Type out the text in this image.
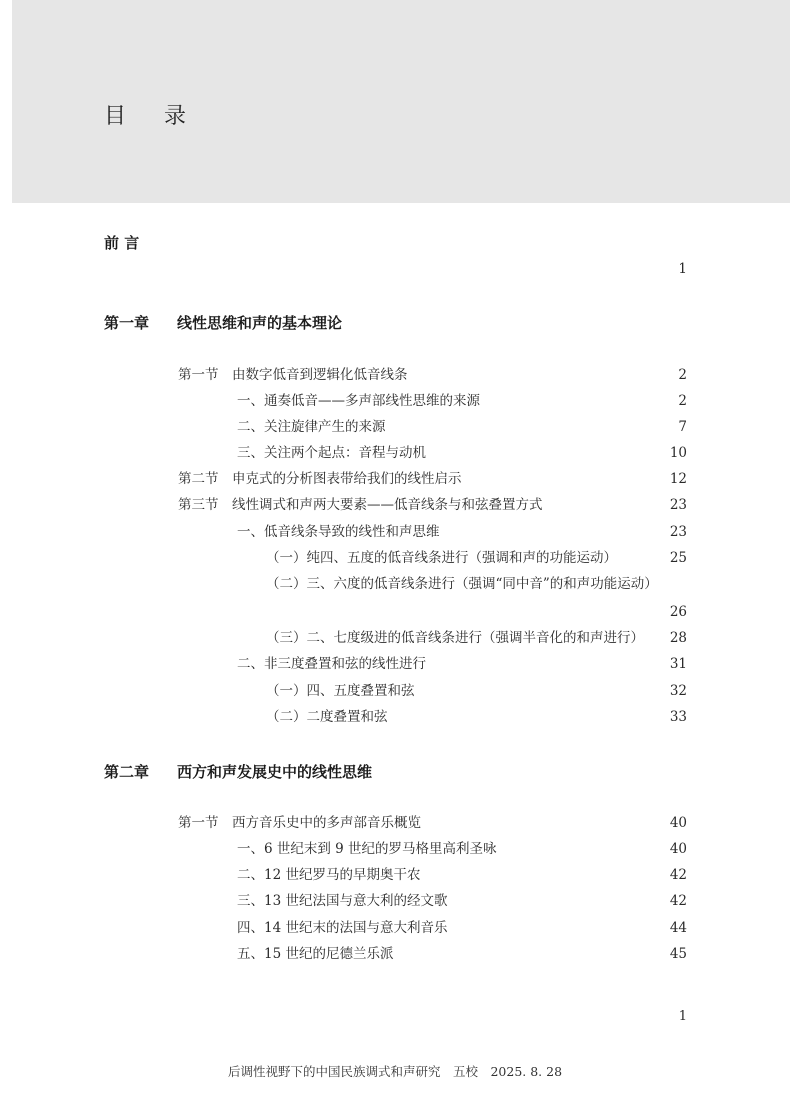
目 录
前 言
1
第一章 线性思维和声的基本理论
第一节　由数字低音到逻辑化低音线条	2
一、通奏低音——多声部线性思维的来源	2
二、关注旋律产生的来源	7
三、关注两个起点：音程与动机	10
第二节　申克式的分析图表带给我们的线性启示	12
第三节　线性调式和声两大要素——低音线条与和弦叠置方式	23
一、低音线条导致的线性和声思维	23
（一）纯四、五度的低音线条进行（强调和声的功能运动）	25
（二）三、六度的低音线条进行（强调“同中音”的和声功能运动）
26
（三）二、七度级进的低音线条进行（强调半音化的和声进行） 28
二、非三度叠置和弦的线性进行	31
（一）四、五度叠置和弦	32
（二）二度叠置和弦	33
第二章 西方和声发展史中的线性思维
第一节　西方音乐史中的多声部音乐概览	40
一、6 世纪末到 9 世纪的罗马格里高利圣咏	40
二、12 世纪罗马的早期奥干农	42
三、13 世纪法国与意大利的经文歌	42
四、14 世纪末的法国与意大利音乐	44
五、15 世纪的尼德兰乐派	45
1
后调性视野下的中国民族调式和声研究　五校　2025. 8. 28
